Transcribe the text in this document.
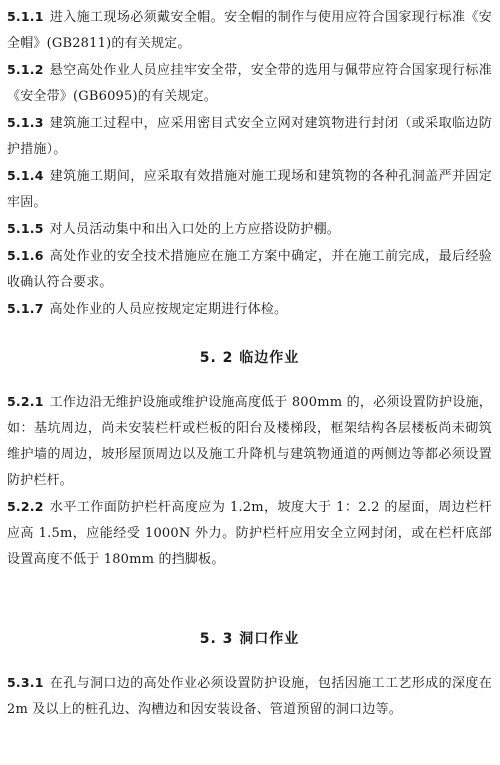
5.1.1 进入施工现场必须戴安全帽。安全帽的制作与使用应符合国家现行标准《安全帽》(GB2811)的有关规定。

5.1.2 悬空高处作业人员应挂牢安全带，安全带的选用与佩带应符合国家现行标准《安全带》(GB6095)的有关规定。

5.1.3 建筑施工过程中，应采用密目式安全立网对建筑物进行封闭（或采取临边防护措施）。

5.1.4 建筑施工期间，应采取有效措施对施工现场和建筑物的各种孔洞盖严并固定牢固。

5.1.5 对人员活动集中和出入口处的上方应搭设防护棚。

5.1.6 高处作业的安全技术措施应在施工方案中确定，并在施工前完成，最后经验收确认符合要求。

5.1.7 高处作业的人员应按规定定期进行体检。

5. 2 临边作业

5.2.1 工作边沿无维护设施或维护设施高度低于 800mm 的，必须设置防护设施，如：基坑周边，尚未安装栏杆或栏板的阳台及楼梯段，框架结构各层楼板尚未砌筑维护墙的周边，坡形屋顶周边以及施工升降机与建筑物通道的两侧边等都必须设置防护栏杆。

5.2.2 水平工作面防护栏杆高度应为 1.2m，坡度大于 1：2.2 的屋面，周边栏杆应高 1.5m，应能经受 1000N 外力。防护栏杆应用安全立网封闭，或在栏杆底部设置高度不低于 180mm 的挡脚板。

5. 3 洞口作业

5.3.1 在孔与洞口边的高处作业必须设置防护设施，包括因施工工艺形成的深度在 2m 及以上的桩孔边、沟槽边和因安装设备、管道预留的洞口边等。
